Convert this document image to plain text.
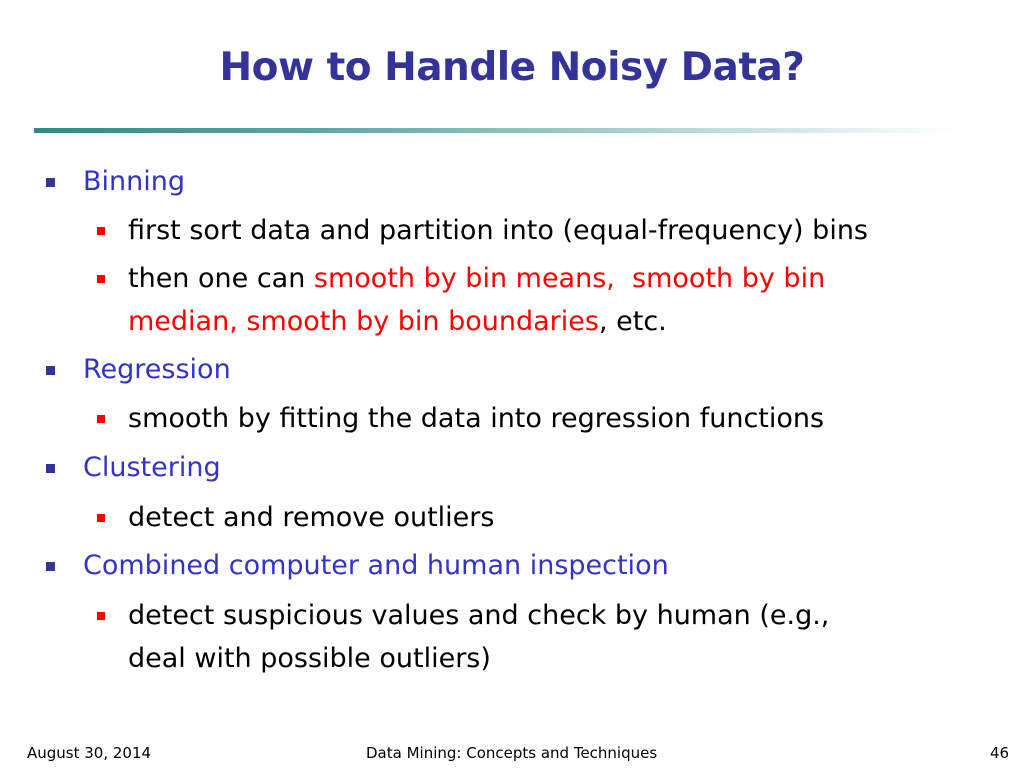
How to Handle Noisy Data?
Binning
first sort data and partition into (equal-frequency) bins
then one can smooth by bin means, smooth by bin
median, smooth by bin boundaries, etc.
Regression
smooth by fitting the data into regression functions
Clustering
detect and remove outliers
Combined computer and human inspection
detect suspicious values and check by human (e.g.,
deal with possible outliers)
August 30, 2014	Data Mining: Concepts and Techniques	46
